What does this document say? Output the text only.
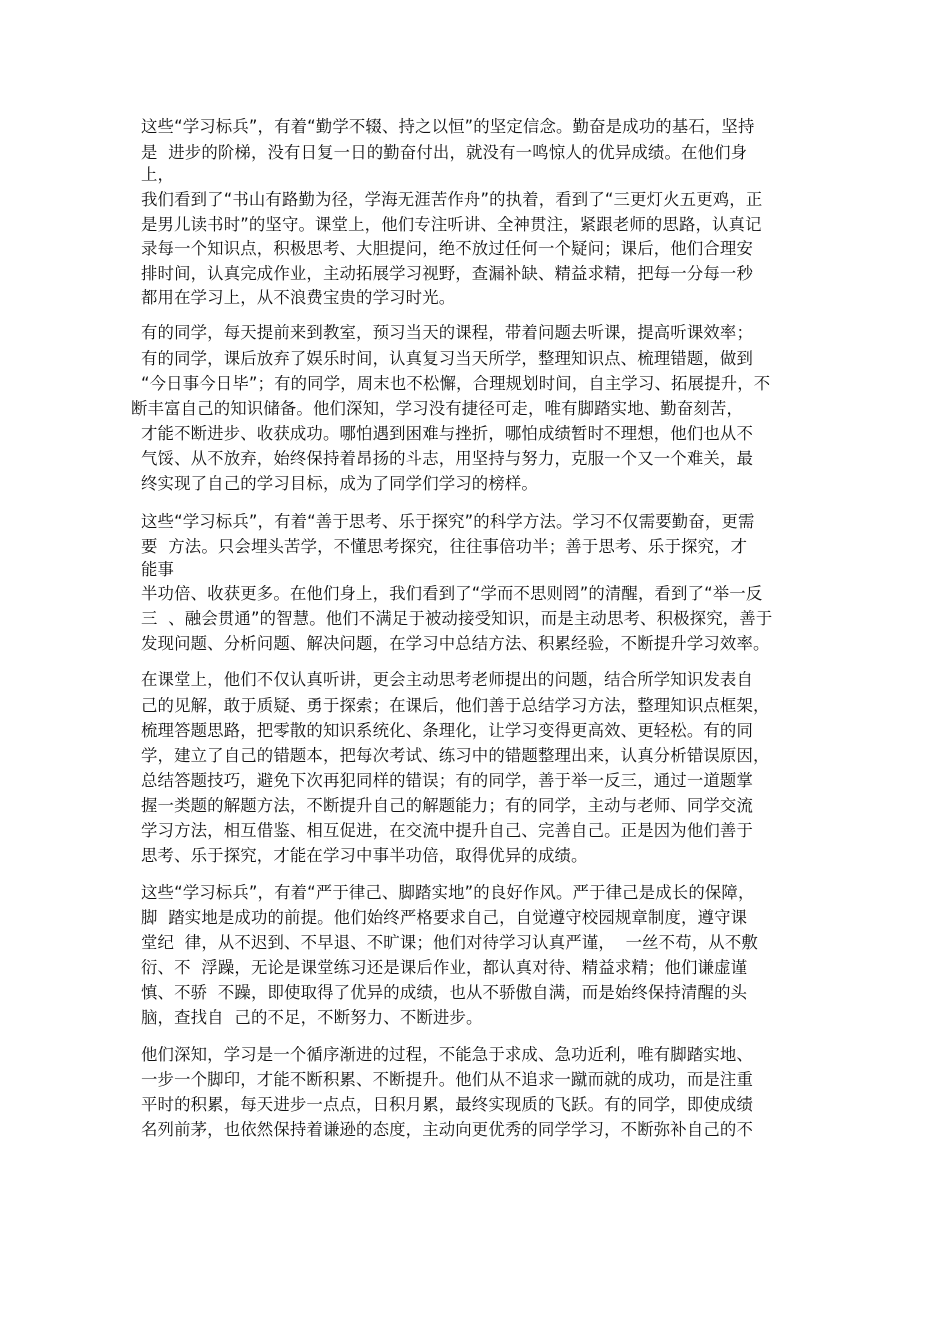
这些“学习标兵”，有着“勤学不辍、持之以恒”的坚定信念。勤奋是成功的基石，坚持
是  进步的阶梯，没有日复一日的勤奋付出，就没有一鸣惊人的优异成绩。在他们身
上，
我们看到了“书山有路勤为径，学海无涯苦作舟”的执着，看到了“三更灯火五更鸡，正
是男儿读书时”的坚守。课堂上，他们专注听讲、全神贯注，紧跟老师的思路，认真记
录每一个知识点，积极思考、大胆提问，绝不放过任何一个疑问；课后，他们合理安
排时间，认真完成作业，主动拓展学习视野，查漏补缺、精益求精，把每一分每一秒
都用在学习上，从不浪费宝贵的学习时光。
有的同学，每天提前来到教室，预习当天的课程，带着问题去听课，提高听课效率；
有的同学，课后放弃了娱乐时间，认真复习当天所学，整理知识点、梳理错题，做到
“今日事今日毕”；有的同学，周末也不松懈，合理规划时间，自主学习、拓展提升，不
断丰富自己的知识储备。他们深知，学习没有捷径可走，唯有脚踏实地、勤奋刻苦，
才能不断进步、收获成功。哪怕遇到困难与挫折，哪怕成绩暂时不理想，他们也从不
气馁、从不放弃，始终保持着昂扬的斗志，用坚持与努力，克服一个又一个难关，最
终实现了自己的学习目标，成为了同学们学习的榜样。
这些“学习标兵”，有着“善于思考、乐于探究”的科学方法。学习不仅需要勤奋，更需
要  方法。只会埋头苦学，不懂思考探究，往往事倍功半；善于思考、乐于探究，才
能事
半功倍、收获更多。在他们身上，我们看到了“学而不思则罔”的清醒，看到了“举一反
三  、融会贯通”的智慧。他们不满足于被动接受知识，而是主动思考、积极探究，善于
发现问题、分析问题、解决问题，在学习中总结方法、积累经验，不断提升学习效率。
在课堂上，他们不仅认真听讲，更会主动思考老师提出的问题，结合所学知识发表自
己的见解，敢于质疑、勇于探索；在课后，他们善于总结学习方法，整理知识点框架，
梳理答题思路，把零散的知识系统化、条理化，让学习变得更高效、更轻松。有的同
学，建立了自己的错题本，把每次考试、练习中的错题整理出来，认真分析错误原因，
总结答题技巧，避免下次再犯同样的错误；有的同学，善于举一反三，通过一道题掌
握一类题的解题方法，不断提升自己的解题能力；有的同学，主动与老师、同学交流
学习方法，相互借鉴、相互促进，在交流中提升自己、完善自己。正是因为他们善于
思考、乐于探究，才能在学习中事半功倍，取得优异的成绩。
这些“学习标兵”，有着“严于律己、脚踏实地”的良好作风。严于律己是成长的保障，
脚  踏实地是成功的前提。他们始终严格要求自己，自觉遵守校园规章制度，遵守课
堂纪  律，从不迟到、不早退、不旷课；他们对待学习认真严谨，  一丝不苟，从不敷
衍、不  浮躁，无论是课堂练习还是课后作业，都认真对待、精益求精；他们谦虚谨
慎、不骄  不躁，即使取得了优异的成绩，也从不骄傲自满，而是始终保持清醒的头
脑，查找自  己的不足，不断努力、不断进步。
他们深知，学习是一个循序渐进的过程，不能急于求成、急功近利，唯有脚踏实地、
一步一个脚印，才能不断积累、不断提升。他们从不追求一蹴而就的成功，而是注重
平时的积累，每天进步一点点，日积月累，最终实现质的飞跃。有的同学，即使成绩
名列前茅，也依然保持着谦逊的态度，主动向更优秀的同学学习，不断弥补自己的不
